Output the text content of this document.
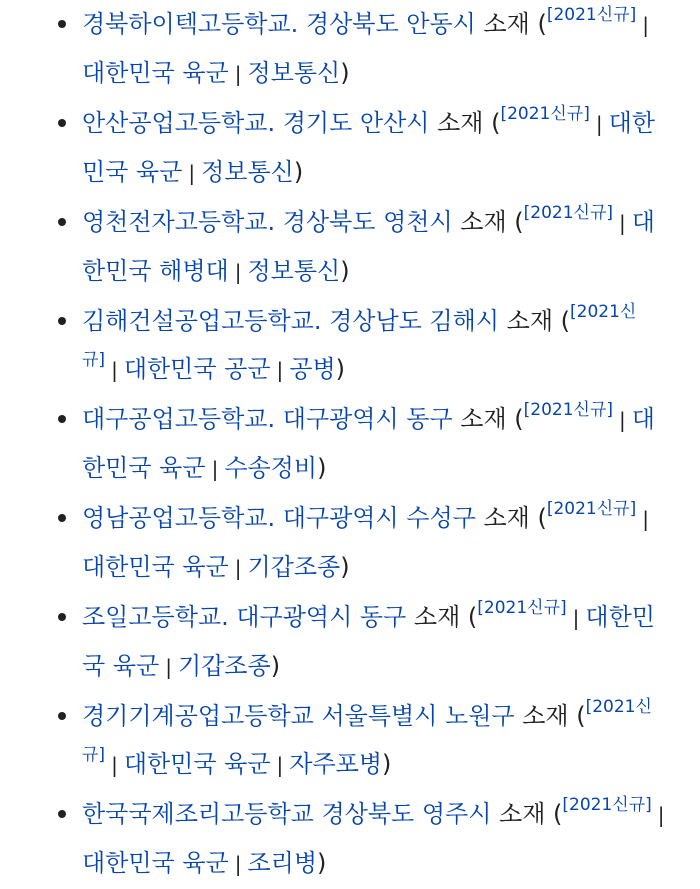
경북하이텍고등학교. 경상북도 안동시 소재 ([2021신규] |대한민국 육군 | 정보통신)
안산공업고등학교. 경기도 안산시 소재 ([2021신규] | 대한민국 육군 | 정보통신)
영천전자고등학교. 경상북도 영천시 소재 ([2021신규] | 대한민국 해병대 | 정보통신)
김해건설공업고등학교. 경상남도 김해시 소재 ([2021신규] | 대한민국 공군 | 공병)
대구공업고등학교. 대구광역시 동구 소재 ([2021신규] | 대한민국 육군 | 수송정비)
영남공업고등학교. 대구광역시 수성구 소재 ([2021신규] |대한민국 육군 | 기갑조종)
조일고등학교. 대구광역시 동구 소재 ([2021신규] | 대한민국 육군 | 기갑조종)
경기기계공업고등학교 서울특별시 노원구 소재 ([2021신규] | 대한민국 육군 | 자주포병)
한국국제조리고등학교 경상북도 영주시 소재 ([2021신규] |대한민국 육군 | 조리병)
